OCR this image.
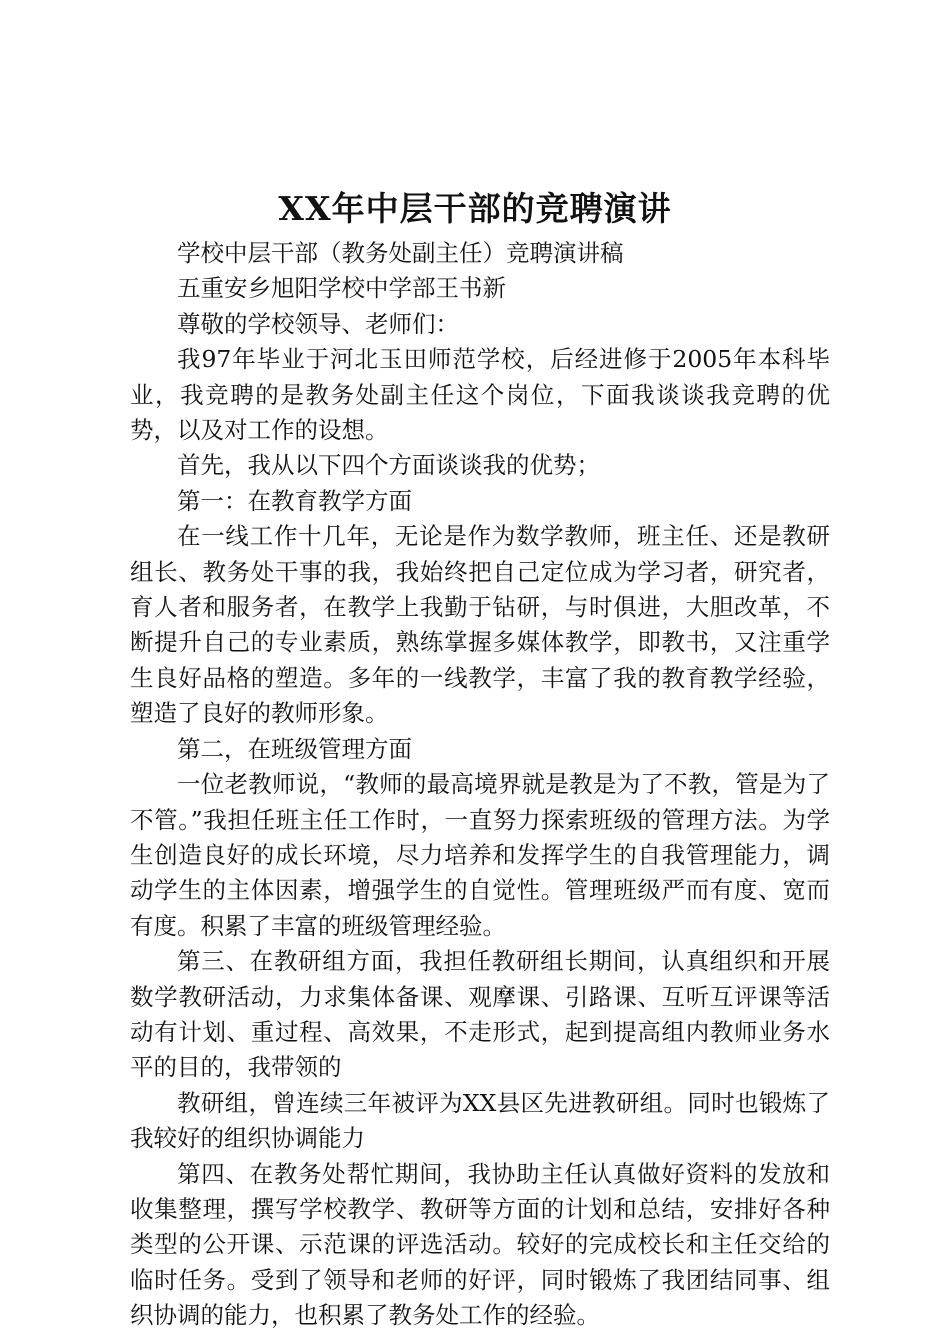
XX年中层干部的竞聘演讲

学校中层干部（教务处副主任）竞聘演讲稿

五重安乡旭阳学校中学部王书新

尊敬的学校领导、老师们：

我97年毕业于河北玉田师范学校，后经进修于2005年本科毕业，我竞聘的是教务处副主任这个岗位，下面我谈谈我竞聘的优势，以及对工作的设想。

首先，我从以下四个方面谈谈我的优势；

第一：在教育教学方面

在一线工作十几年，无论是作为数学教师，班主任、还是教研组长、教务处干事的我，我始终把自己定位成为学习者，研究者，育人者和服务者，在教学上我勤于钻研，与时俱进，大胆改革，不断提升自己的专业素质，熟练掌握多媒体教学，即教书，又注重学生良好品格的塑造。多年的一线教学，丰富了我的教育教学经验，塑造了良好的教师形象。

第二，在班级管理方面

一位老教师说，“教师的最高境界就是教是为了不教，管是为了不管。”我担任班主任工作时，一直努力探索班级的管理方法。为学生创造良好的成长环境，尽力培养和发挥学生的自我管理能力，调动学生的主体因素，增强学生的自觉性。管理班级严而有度、宽而有度。积累了丰富的班级管理经验。

第三、在教研组方面，我担任教研组长期间，认真组织和开展数学教研活动，力求集体备课、观摩课、引路课、互听互评课等活动有计划、重过程、高效果，不走形式，起到提高组内教师业务水平的目的，我带领的

教研组，曾连续三年被评为XX县区先进教研组。同时也锻炼了我较好的组织协调能力

第四、在教务处帮忙期间，我协助主任认真做好资料的发放和收集整理，撰写学校教学、教研等方面的计划和总结，安排好各种类型的公开课、示范课的评选活动。较好的完成校长和主任交给的临时任务。受到了领导和老师的好评，同时锻炼了我团结同事、组织协调的能力，也积累了教务处工作的经验。
